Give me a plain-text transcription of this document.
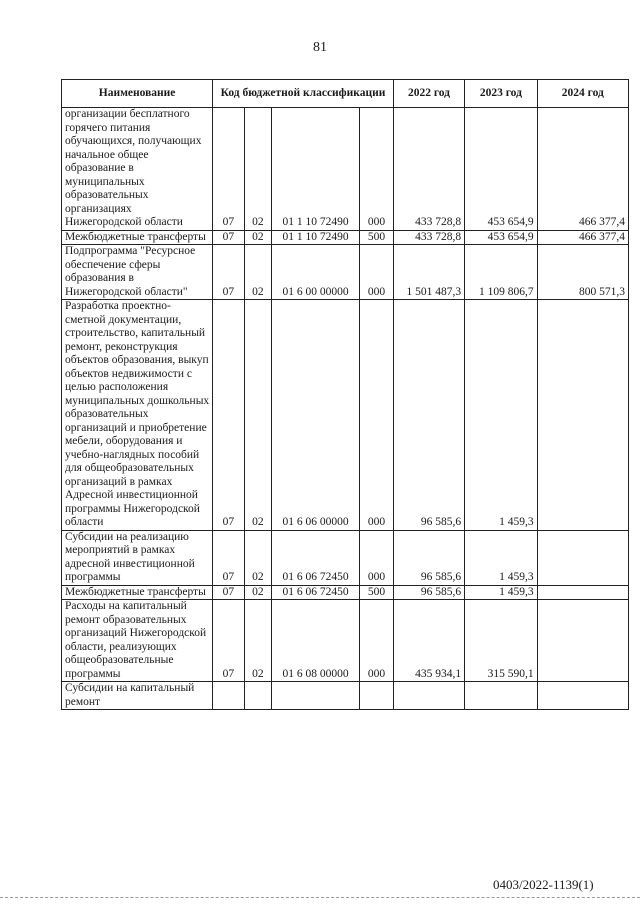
81
Наименование	Код бюджетной классификации				2022 год	2023 год	2024 год
организации бесплатного горячего питания обучающихся, получающих начальное общее образование в муниципальных образовательных организациях Нижегородской области	07	02	01 1 10 72490	000	433 728,8	453 654,9	466 377,4
Межбюджетные трансферты	07	02	01 1 10 72490	500	433 728,8	453 654,9	466 377,4
Подпрограмма "Ресурсное обеспечение сферы образования в Нижегородской области"	07	02	01 6 00 00000	000	1 501 487,3	1 109 806,7	800 571,3
Разработка проектно-сметной документации, строительство, капитальный ремонт, реконструкция объектов образования, выкуп объектов недвижимости с целью расположения муниципальных дошкольных образовательных организаций и приобретение мебели, оборудования и учебно-наглядных пособий для общеобразовательных организаций в рамках Адресной инвестиционной программы Нижегородской области	07	02	01 6 06 00000	000	96 585,6	1 459,3	
Субсидии на реализацию мероприятий в рамках адресной инвестиционной программы	07	02	01 6 06 72450	000	96 585,6	1 459,3	
Межбюджетные трансферты	07	02	01 6 06 72450	500	96 585,6	1 459,3	
Расходы на капитальный ремонт образовательных организаций Нижегородской области, реализующих общеобразовательные программы	07	02	01 6 08 00000	000	435 934,1	315 590,1	
Субсидии на капитальный ремонт							
0403/2022-1139(1)
